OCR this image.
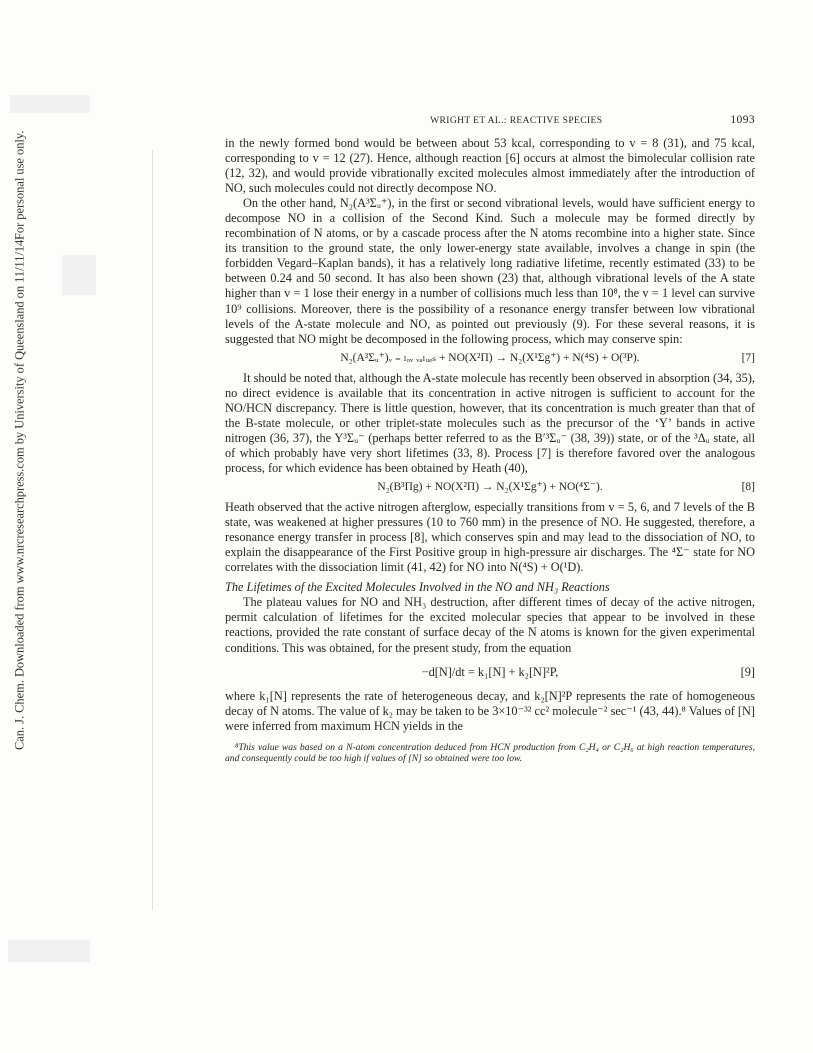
Can. J. Chem. Downloaded from www.nrcresearchpress.com by University of Queensland on 11/11/14
For personal use only.
WRIGHT ET AL.: REACTIVE SPECIES	1093

in the newly formed bond would be between about 53 kcal, corresponding to v = 8 (31), and 75 kcal, corresponding to v = 12 (27). Hence, although reaction [6] occurs at almost the bimolecular collision rate (12, 32), and would provide vibrationally excited molecules almost immediately after the introduction of NO, such molecules could not directly decompose NO.

On the other hand, N₂(A³Σᵤ⁺), in the first or second vibrational levels, would have sufficient energy to decompose NO in a collision of the Second Kind. Such a molecule may be formed directly by recombination of N atoms, or by a cascade process after the N atoms recombine into a higher state. Since its transition to the ground state, the only lower-energy state available, involves a change in spin (the forbidden Vegard–Kaplan bands), it has a relatively long radiative lifetime, recently estimated (33) to be between 0.24 and 50 second. It has also been shown (23) that, although vibrational levels of the A state higher than v = 1 lose their energy in a number of collisions much less than 10⁸, the v = 1 level can survive 10⁹ collisions. Moreover, there is the possibility of a resonance energy transfer between low vibrational levels of the A-state molecule and NO, as pointed out previously (9). For these several reasons, it is suggested that NO might be decomposed in the following process, which may conserve spin:

N₂(A³Σᵤ⁺)ᵥ ₌ ₗₒᵥ ᵥₐₗᵤₑₛ + NO(X²Π) → N₂(X¹Σg⁺) + N(⁴S) + O(³P).	[7]

It should be noted that, although the A-state molecule has recently been observed in absorption (34, 35), no direct evidence is available that its concentration in active nitrogen is sufficient to account for the NO/HCN discrepancy. There is little question, however, that its concentration is much greater than that of the B-state molecule, or other triplet-state molecules such as the precursor of the ‘Y’ bands in active nitrogen (36, 37), the Y³Σᵤ⁻ (perhaps better referred to as the B′³Σᵤ⁻ (38, 39)) state, or of the ³Δᵤ state, all of which probably have very short lifetimes (33, 8). Process [7] is therefore favored over the analogous process, for which evidence has been obtained by Heath (40),

N₂(B³Πg) + NO(X²Π) → N₂(X¹Σg⁺) + NO(⁴Σ⁻).	[8]

Heath observed that the active nitrogen afterglow, especially transitions from v = 5, 6, and 7 levels of the B state, was weakened at higher pressures (10 to 760 mm) in the presence of NO. He suggested, therefore, a resonance energy transfer in process [8], which conserves spin and may lead to the dissociation of NO, to explain the disappearance of the First Positive group in high-pressure air discharges. The ⁴Σ⁻ state for NO correlates with the dissociation limit (41, 42) for NO into N(⁴S) + O(¹D).

The Lifetimes of the Excited Molecules Involved in the NO and NH₃ Reactions

The plateau values for NO and NH₃ destruction, after different times of decay of the active nitrogen, permit calculation of lifetimes for the excited molecular species that appear to be involved in these reactions, provided the rate constant of surface decay of the N atoms is known for the given experimental conditions. This was obtained, for the present study, from the equation

−d[N]/dt = k₁[N] + k₂[N]²P,	[9]

where k₁[N] represents the rate of heterogeneous decay, and k₂[N]²P represents the rate of homogeneous decay of N atoms. The value of k₂ may be taken to be 3×10⁻³² cc² molecule⁻² sec⁻¹ (43, 44).⁸ Values of [N] were inferred from maximum HCN yields in the

⁸This value was based on a N-atom concentration deduced from HCN production from C₂H₄ or C₂H₆ at high reaction temperatures, and consequently could be too high if values of [N] so obtained were too low.
